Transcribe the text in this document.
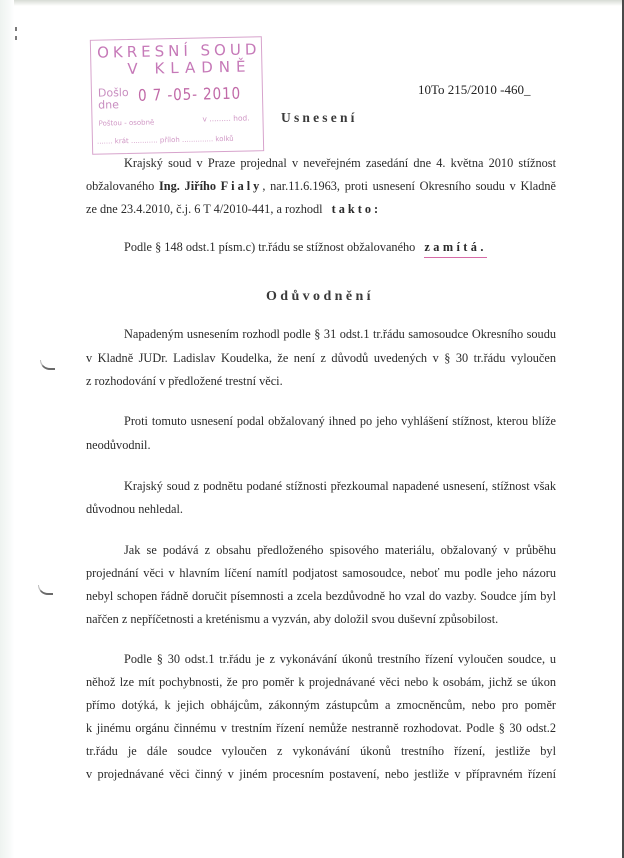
OKRESNÍ SOUD
V KLADNĚ
Došlo
dne
0 7 -05- 2010
Poštou - osobně	v ......... hod.
....... krát ............ příloh .............. kolků
10To 215/2010 -460_
Usnesení
Krajský soud v Praze projednal v neveřejném zasedání dne 4. května 2010 stížnost
obžalovaného Ing. Jiřího Fialy, nar.11.6.1963, proti usnesení Okresního soudu v Kladně
ze dne 23.4.2010, č.j. 6 T 4/2010-441, a rozhodl takto:
Podle § 148 odst.1 písm.c) tr.řádu se stížnost obžalovaného zamítá.
Odůvodnění
Napadeným usnesením rozhodl podle § 31 odst.1 tr.řádu samosoudce Okresního soudu
v Kladně JUDr. Ladislav Koudelka, že není z důvodů uvedených v § 30 tr.řádu vyloučen
z rozhodování v předložené trestní věci.
Proti tomuto usnesení podal obžalovaný ihned po jeho vyhlášení stížnost, kterou blíže
neodůvodnil.
Krajský soud z podnětu podané stížnosti přezkoumal napadené usnesení, stížnost však
důvodnou nehledal.
Jak se podává z obsahu předloženého spisového materiálu, obžalovaný v průběhu
projednání věci v hlavním líčení namítl podjatost samosoudce, neboť mu podle jeho názoru
nebyl schopen řádně doručit písemnosti a zcela bezdůvodně ho vzal do vazby. Soudce jím byl
nařčen z nepříčetnosti a kreténismu a vyzván, aby doložil svou duševní způsobilost.
Podle § 30 odst.1 tr.řádu je z vykonávání úkonů trestního řízení vyloučen soudce, u
něhož lze mít pochybnosti, že pro poměr k projednávané věci nebo k osobám, jichž se úkon
přímo dotýká, k jejich obhájcům, zákonným zástupcům a zmocněncům, nebo pro poměr
k jinému orgánu činnému v trestním řízení nemůže nestranně rozhodovat. Podle § 30 odst.2
tr.řádu je dále soudce vyloučen z vykonávání úkonů trestního řízení, jestliže byl
v projednávané věci činný v jiném procesním postavení, nebo jestliže v přípravném řízení
